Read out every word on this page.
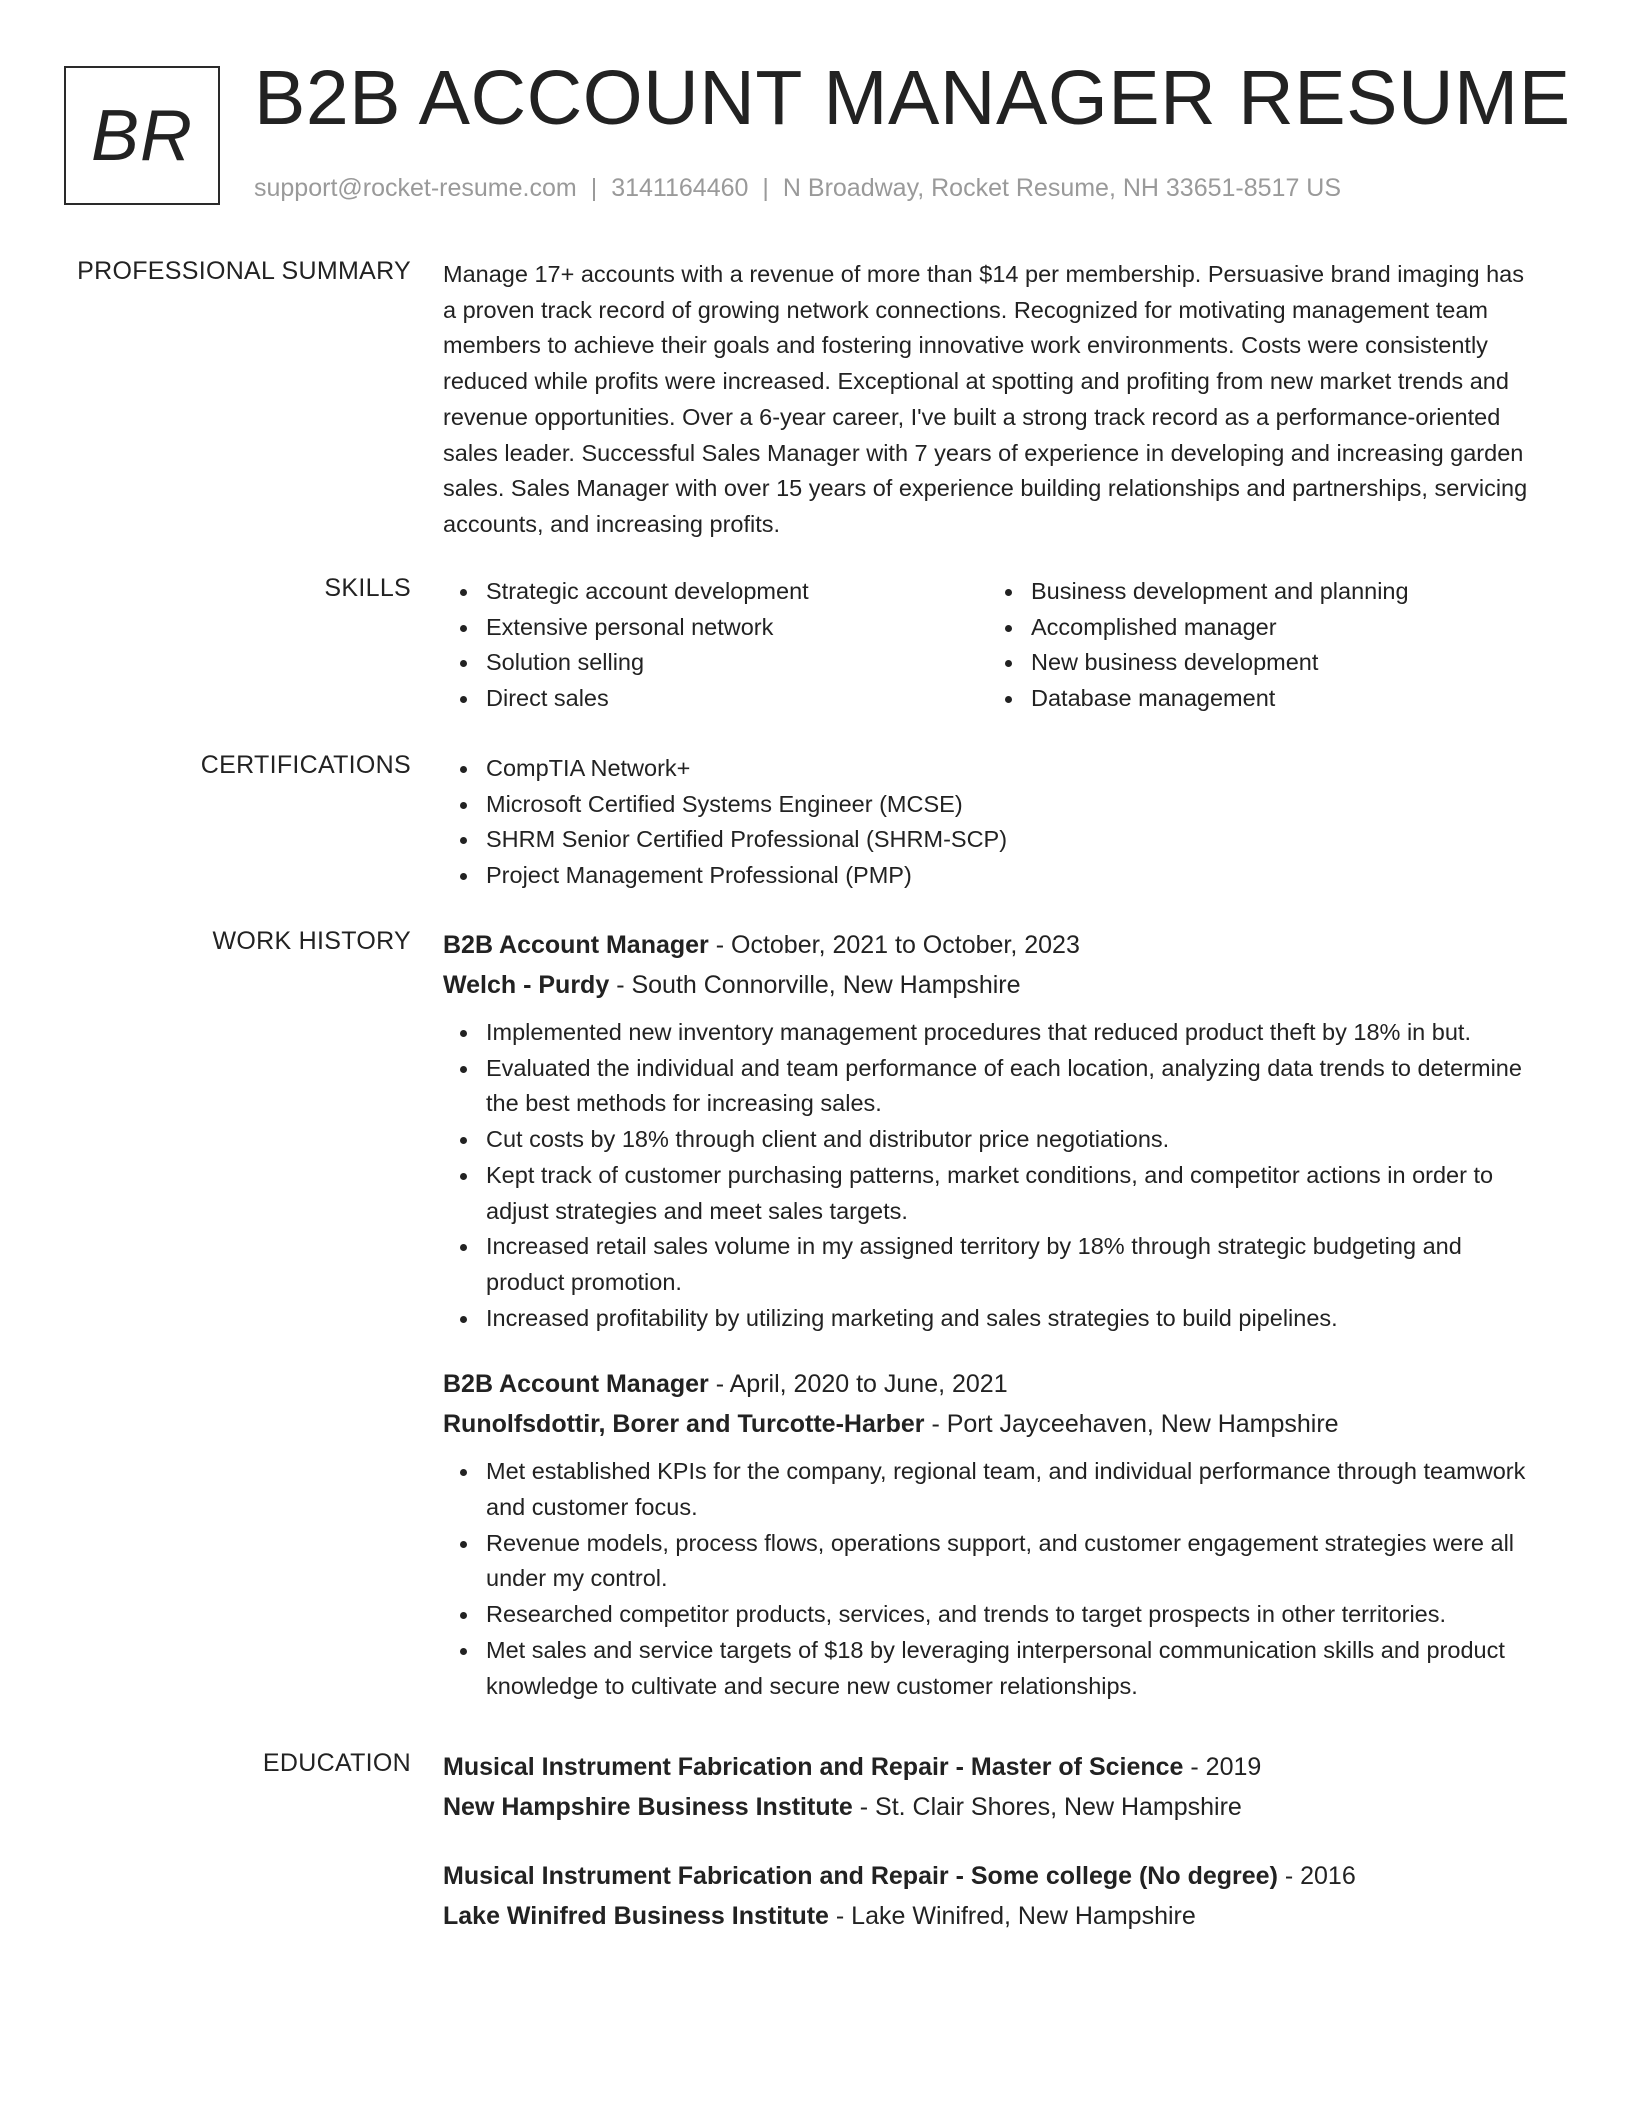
BR B2B ACCOUNT MANAGER RESUME
support@rocket-resume.com | 3141164460 | N Broadway, Rocket Resume, NH 33651-8517 US
PROFESSIONAL SUMMARY Manage 17+ accounts with a revenue of more than $14 per membership. Persuasive brand imaging has a proven track record of growing network connections. Recognized for motivating management team members to achieve their goals and fostering innovative work environments. Costs were consistently reduced while profits were increased. Exceptional at spotting and profiting from new market trends and revenue opportunities. Over a 6-year career, I've built a strong track record as a performance-oriented sales leader. Successful Sales Manager with 7 years of experience in developing and increasing garden sales. Sales Manager with over 15 years of experience building relationships and partnerships, servicing accounts, and increasing profits.

SKILLS	Strategic account development
Extensive personal network
Solution selling
Direct sales
Business development and planning
Accomplished manager
New business development
Database management
CERTIFICATIONS	CompTIA Network+
Microsoft Certified Systems Engineer (MCSE)
SHRM Senior Certified Professional (SHRM-SCP)
Project Management Professional (PMP)
WORK HISTORY B2B Account Manager - October, 2021 to October, 2023
Welch - Purdy - South Connorville, New Hampshire
Implemented new inventory management procedures that reduced product theft by 18% in but.
Evaluated the individual and team performance of each location, analyzing data trends to determine the best methods for increasing sales.
Cut costs by 18% through client and distributor price negotiations.
Kept track of customer purchasing patterns, market conditions, and competitor actions in order to adjust strategies and meet sales targets.
Increased retail sales volume in my assigned territory by 18% through strategic budgeting and product promotion.
Increased profitability by utilizing marketing and sales strategies to build pipelines.
B2B Account Manager - April, 2020 to June, 2021
Runolfsdottir, Borer and Turcotte-Harber - Port Jayceehaven, New Hampshire
Met established KPIs for the company, regional team, and individual performance through teamwork and customer focus.
Revenue models, process flows, operations support, and customer engagement strategies were all under my control.
Researched competitor products, services, and trends to target prospects in other territories.
Met sales and service targets of $18 by leveraging interpersonal communication skills and product knowledge to cultivate and secure new customer relationships.
EDUCATION Musical Instrument Fabrication and Repair - Master of Science - 2019
New Hampshire Business Institute - St. Clair Shores, New Hampshire
Musical Instrument Fabrication and Repair - Some college (No degree) - 2016
Lake Winifred Business Institute - Lake Winifred, New Hampshire
